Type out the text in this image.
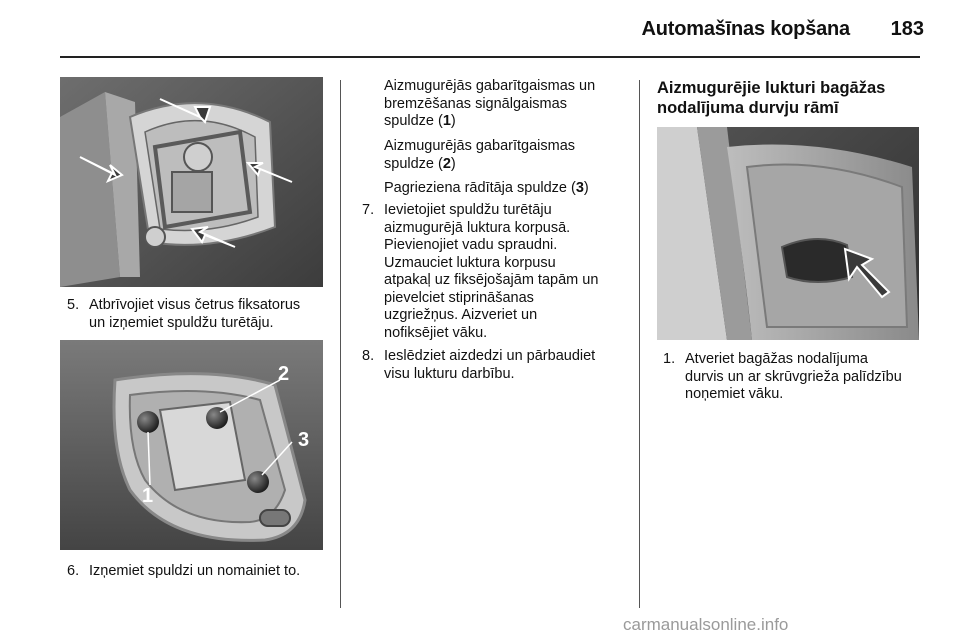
Automašīnas kopšana	183
5. Atbrīvojiet visus četrus fiksatorus
un izņemiet spuldžu turētāju.
1
2
3
6. Izņemiet spuldzi un nomainiet to.
Aizmugurējās gabarītgaismas un
bremzēšanas signālgaismas
spuldze (1)
Aizmugurējās gabarītgaismas
spuldze (2)
Pagrieziena rādītāja spuldze (3)
7. Ievietojiet spuldžu turētāju
aizmugurējā luktura korpusā.
Pievienojiet vadu spraudni.
Uzmauciet luktura korpusu
atpakaļ uz fiksējošajām tapām un
pievelciet stiprināšanas
uzgriežņus. Aizveriet un
nofiksējiet vāku.
8. Ieslēdziet aizdedzi un pārbaudiet
visu lukturu darbību.
Aizmugurējie lukturi bagāžas
nodalījuma durvju rāmī
1. Atveriet bagāžas nodalījuma
durvis un ar skrūvgrieža palīdzību
noņemiet vāku.
carmanualsonline.info
